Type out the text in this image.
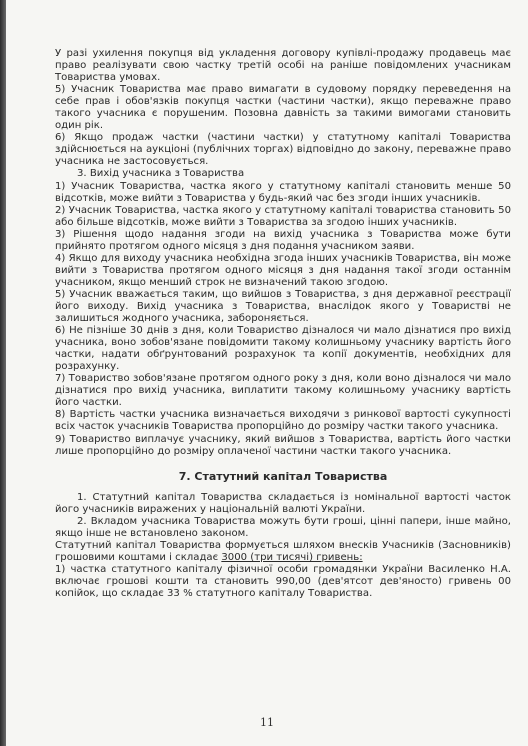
У разі ухилення покупця від укладення договору купівлі-продажу продавець має право реалізувати свою частку третій особі на раніше повідомлених учасникам Товариства умовах.

5) Учасник Товариства має право вимагати в судовому порядку переведення на себе прав і обов'язків покупця частки (частини частки), якщо переважне право такого учасника є порушеним. Позовна давність за такими вимогами становить один рік.

6) Якщо продаж частки (частини частки) у статутному капіталі Товариства здійснюється на аукціоні (публічних торгах) відповідно до закону, переважне право учасника не застосовується.

3. Вихід учасника з Товариства

1) Учасник Товариства, частка якого у статутному капіталі становить менше 50 відсотків, може вийти з Товариства у будь-який час без згоди інших учасників.

2) Учасник Товариства, частка якого у статутному капіталі товариства становить 50 або більше відсотків, може вийти з Товариства за згодою інших учасників.

3) Рішення щодо надання згоди на вихід учасника з Товариства може бути прийнято протягом одного місяця з дня подання учасником заяви.

4) Якщо для виходу учасника необхідна згода інших учасників Товариства, він може вийти з Товариства протягом одного місяця з дня надання такої згоди останнім учасником, якщо менший строк не визначений такою згодою.

5) Учасник вважається таким, що вийшов з Товариства, з дня державної реєстрації його виходу. Вихід учасника з Товариства, внаслідок якого у Товаристві не залишиться жодного учасника, забороняється.

6) Не пізніше 30 днів з дня, коли Товариство дізналося чи мало дізнатися про вихід учасника, воно зобов'язане повідомити такому колишньому учаснику вартість його частки, надати обґрунтований розрахунок та копії документів, необхідних для розрахунку.

7) Товариство зобов'язане протягом одного року з дня, коли воно дізналося чи мало дізнатися про вихід учасника, виплатити такому колишньому учаснику вартість його частки.

8) Вартість частки учасника визначається виходячи з ринкової вартості сукупності всіх часток учасників Товариства пропорційно до розміру частки такого учасника.

9) Товариство виплачує учаснику, який вийшов з Товариства, вартість його частки лише пропорційно до розміру оплаченої частини частки такого учасника.

7. Статутний капітал Товариства

1. Статутний капітал Товариства складається із номінальної вартості часток його учасників виражених у національній валюті України.

2. Вкладом учасника Товариства можуть бути гроші, цінні папери, інше майно, якщо інше не встановлено законом.

Статутний капітал Товариства формується шляхом внесків Учасників (Засновників) грошовими коштами і складає 3000 (три тисячі) гривень:

1) частка статутного капіталу фізичної особи громадянки України Василенко Н.А. включає грошові кошти та становить 990,00 (дев'ятсот дев'яносто) гривень 00 копійок, що складає 33 % статутного капіталу Товариства.

11
